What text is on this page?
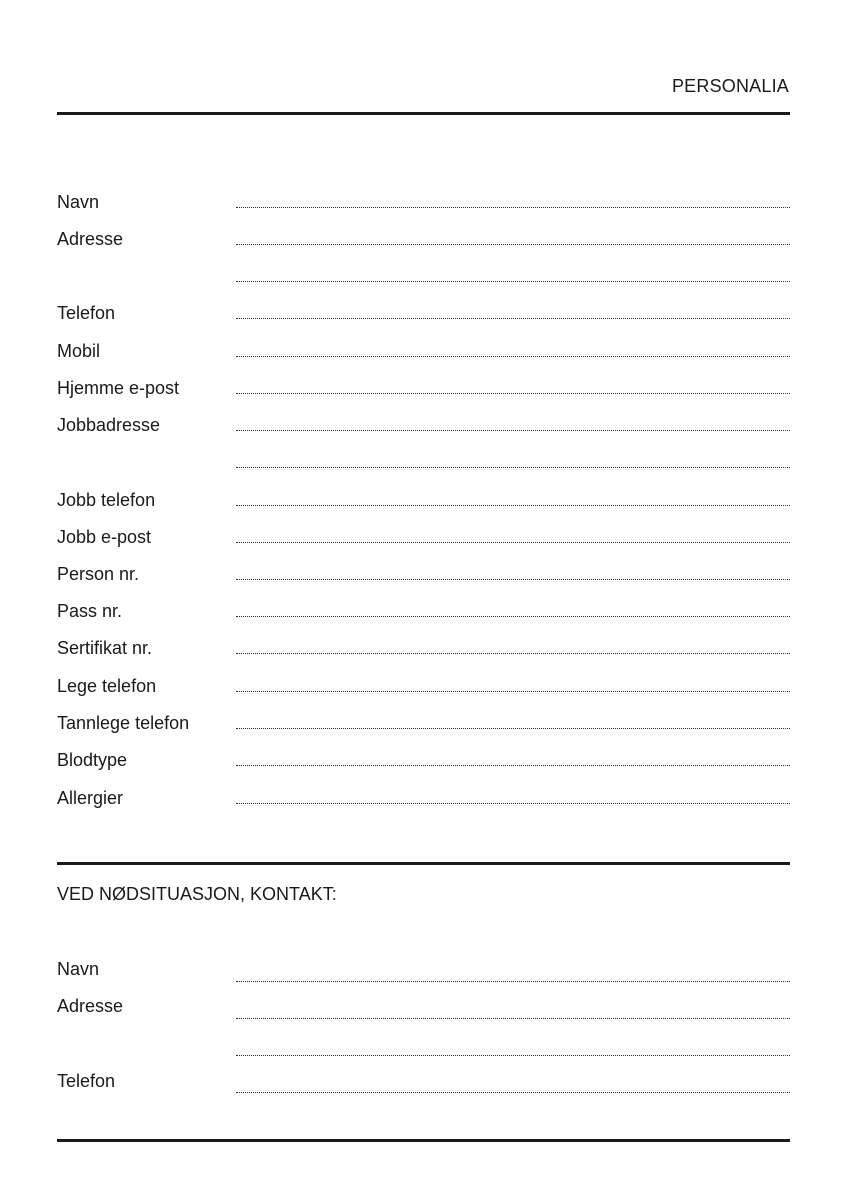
PERSONALIA
Navn
Adresse
Telefon
Mobil
Hjemme e-post
Jobbadresse
Jobb telefon
Jobb e-post
Person nr.
Pass nr.
Sertifikat nr.
Lege telefon
Tannlege telefon
Blodtype
Allergier
VED NØDSITUASJON, KONTAKT:
Navn
Adresse
Telefon
